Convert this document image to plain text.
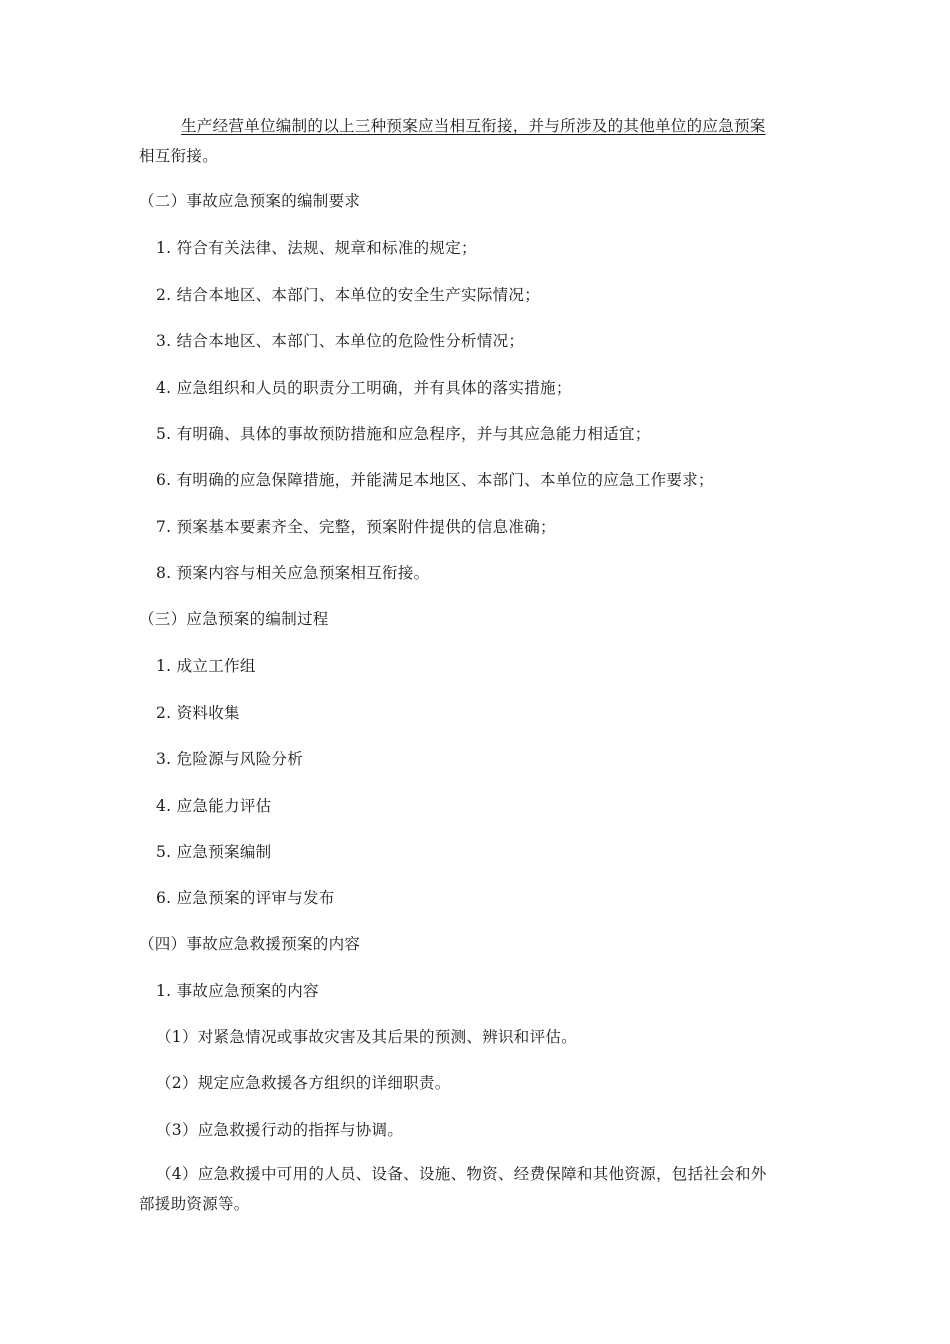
生产经营单位编制的以上三种预案应当相互衔接，并与所涉及的其他单位的应急预案
相互衔接。
（二）事故应急预案的编制要求
1. 符合有关法律、法规、规章和标准的规定；
2. 结合本地区、本部门、本单位的安全生产实际情况；
3. 结合本地区、本部门、本单位的危险性分析情况；
4. 应急组织和人员的职责分工明确，并有具体的落实措施；
5. 有明确、具体的事故预防措施和应急程序，并与其应急能力相适宜；
6. 有明确的应急保障措施，并能满足本地区、本部门、本单位的应急工作要求；
7. 预案基本要素齐全、完整，预案附件提供的信息准确；
8. 预案内容与相关应急预案相互衔接。
（三）应急预案的编制过程
1. 成立工作组
2. 资料收集
3. 危险源与风险分析
4. 应急能力评估
5. 应急预案编制
6. 应急预案的评审与发布
（四）事故应急救援预案的内容
1. 事故应急预案的内容
（1）对紧急情况或事故灾害及其后果的预测、辨识和评估。
（2）规定应急救援各方组织的详细职责。
（3）应急救援行动的指挥与协调。
（4）应急救援中可用的人员、设备、设施、物资、经费保障和其他资源，包括社会和外
部援助资源等。
